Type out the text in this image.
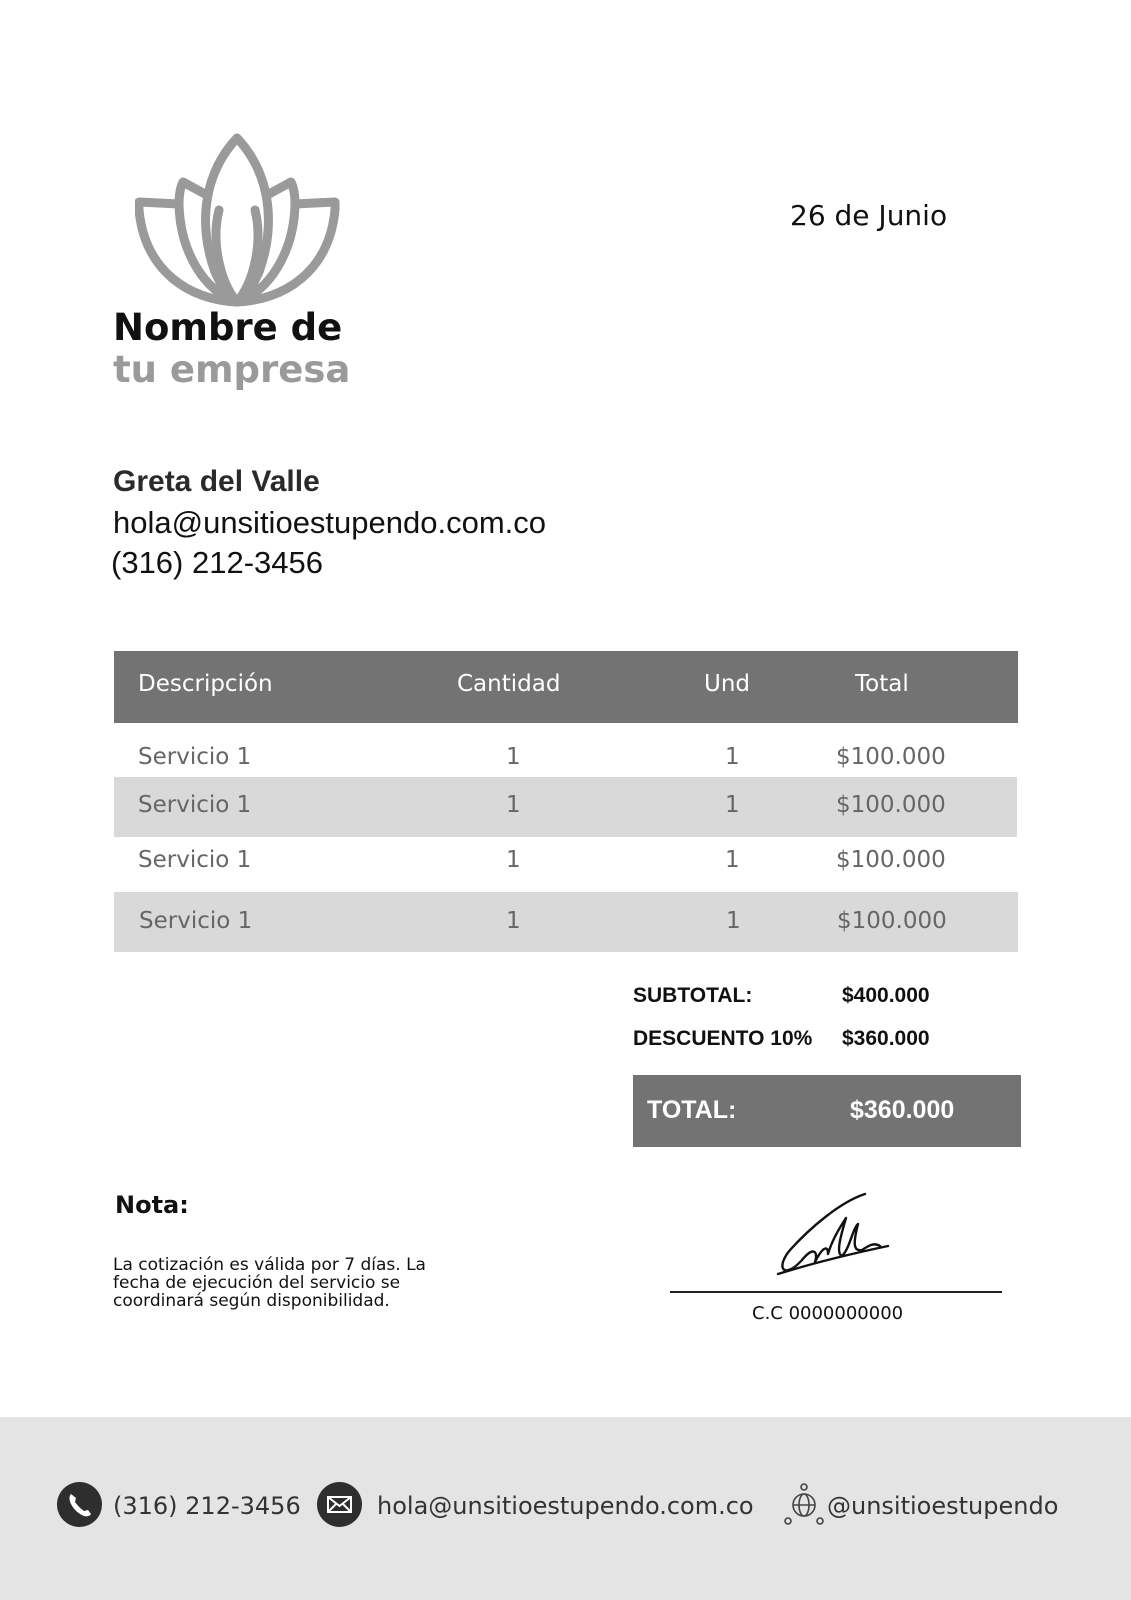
Nombre de
tu empresa
26 de Junio
Greta del Valle
hola@unsitioestupendo.com.co
(316) 212-3456
Descripción	Cantidad	Und	Total
Servicio 1	1	1	$100.000
Servicio 1	1	1	$100.000
Servicio 1	1	1	$100.000
Servicio 1	1	1	$100.000
SUBTOTAL:	$400.000
DESCUENTO 10% $360.000
TOTAL:	$360.000
Nota:
La cotización es válida por 7 días. La fecha de ejecución del servicio se coordinará según disponibilidad.
C.C 0000000000
(316) 212-3456	hola@unsitioestupendo.com.co	@unsitioestupendo
